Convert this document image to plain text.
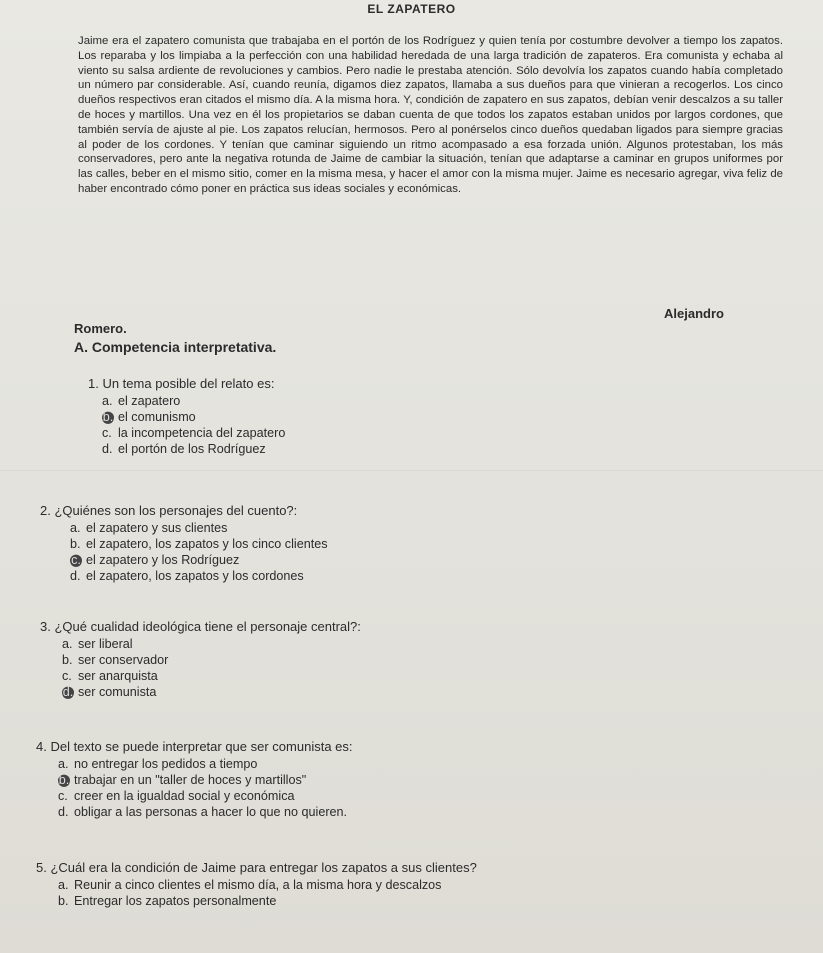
EL ZAPATERO
Jaime era el zapatero comunista que trabajaba en el portón de los Rodríguez y quien tenía por costumbre devolver a tiempo los zapatos. Los reparaba y los limpiaba a la perfección con una habilidad heredada de una larga tradición de zapateros. Era comunista y echaba al viento su salsa ardiente de revoluciones y cambios. Pero nadie le prestaba atención. Sólo devolvía los zapatos cuando había completado un número par considerable. Así, cuando reunía, digamos diez zapatos, llamaba a sus dueños para que vinieran a recogerlos. Los cinco dueños respectivos eran citados el mismo día. A la misma hora. Y, condición de zapatero en sus zapatos, debían venir descalzos a su taller de hoces y martillos. Una vez en él los propietarios se daban cuenta de que todos los zapatos estaban unidos por largos cordones, que también servía de ajuste al pie. Los zapatos relucían, hermosos. Pero al ponérselos cinco dueños quedaban ligados para siempre gracias al poder de los cordones. Y tenían que caminar siguiendo un ritmo acompasado a esa forzada unión. Algunos protestaban, los más conservadores, pero ante la negativa rotunda de Jaime de cambiar la situación, tenían que adaptarse a caminar en grupos uniformes por las calles, beber en el mismo sitio, comer en la misma mesa, y hacer el amor con la misma mujer. Jaime es necesario agregar, viva feliz de haber encontrado cómo poner en práctica sus ideas sociales y económicas.
Alejandro
Romero.
A. Competencia interpretativa.
1. Un tema posible del relato es:
a. el zapatero
b. el comunismo
c. la incompetencia del zapatero
d. el portón de los Rodríguez
2. ¿Quiénes son los personajes del cuento?:
a. el zapatero y sus clientes
b. el zapatero, los zapatos y los cinco clientes
c. el zapatero y los Rodríguez
d. el zapatero, los zapatos y los cordones
3. ¿Qué cualidad ideológica tiene el personaje central?:
a. ser liberal
b. ser conservador
c. ser anarquista
d. ser comunista
4. Del texto se puede interpretar que ser comunista es:
a. no entregar los pedidos a tiempo
b. trabajar en un "taller de hoces y martillos"
c. creer en la igualdad social y económica
d. obligar a las personas a hacer lo que no quieren.
5. ¿Cuál era la condición de Jaime para entregar los zapatos a sus clientes?
a. Reunir a cinco clientes el mismo día, a la misma hora y descalzos
b. Entregar los zapatos personalmente
